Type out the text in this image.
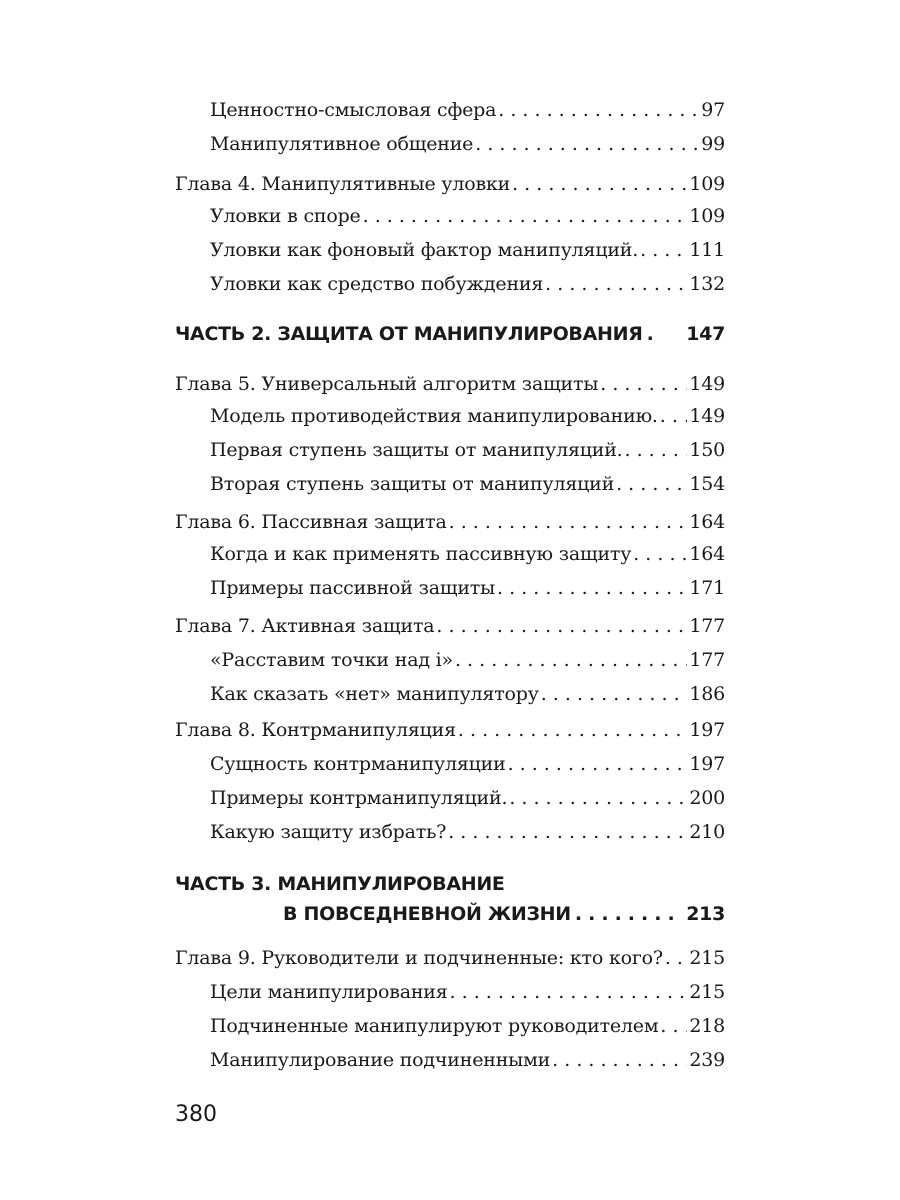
Ценностно-смысловая сфера . . .	97
Манипулятивное общение . . .	99
Глава 4. Манипулятивные уловки . . .	109
Уловки в споре . . .	109
Уловки как фоновый фактор манипуляций. . . .	111
Уловки как средство побуждения . . .	132
ЧАСТЬ 2. ЗАЩИТА ОТ МАНИПУЛИРОВАНИЯ . 147
Глава 5. Универсальный алгоритм защиты . . .	149
Модель противодействия манипулированию. . . . 149
Первая ступень защиты от манипуляций. . . .	150
Вторая ступень защиты от манипуляций . . .	154
Глава 6. Пассивная защита . . .	164
Когда и как применять пассивную защиту . . .	164
Примеры пассивной защиты . . .	171
Глава 7. Активная защита . . .	177
«Расставим точки над і» . . .	177
Как сказать «нет» манипулятору . . .	186
Глава 8. Контрманипуляция . . .	197
Сущность контрманипуляции . . .	197
Примеры контрманипуляций. . . .	200
Какую защиту избрать? . . .	210
ЧАСТЬ 3. МАНИПУЛИРОВАНИЕ
В ПОВСЕДНЕВНОЙ ЖИЗНИ . . .	213
Глава 9. Руководители и подчиненные: кто кого? . . . 215
Цели манипулирования . . .	215
Подчиненные манипулируют руководителем . . . 218
Манипулирование подчиненными . . .	239
380
